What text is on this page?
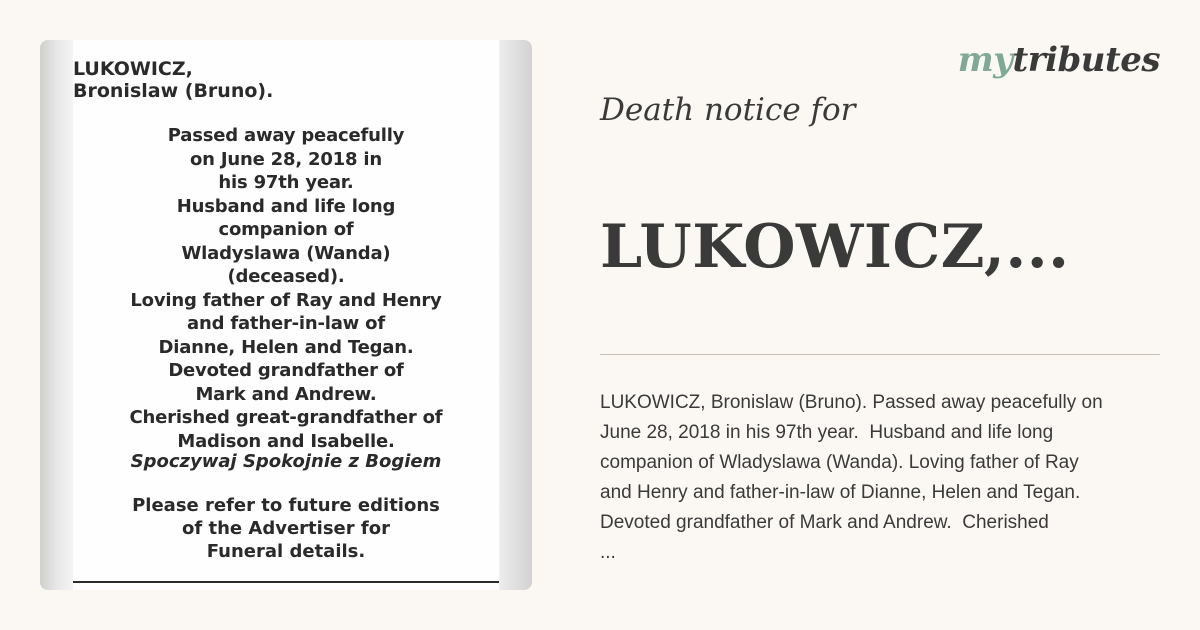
LUKOWICZ,
Bronislaw (Bruno).
Passed away peacefully
on June 28, 2018 in
his 97th year.
Husband and life long
companion of
Wladyslawa (Wanda)
(deceased).
Loving father of Ray and Henry
and father-in-law of
Dianne, Helen and Tegan.
Devoted grandfather of
Mark and Andrew.
Cherished great-grandfather of
Madison and Isabelle.
Spoczywaj Spokojnie z Bogiem
Please refer to future editions
of the Advertiser for
Funeral details.
mytributes
Death notice for
LUKOWICZ,...
LUKOWICZ, Bronislaw (Bruno). Passed away peacefully on
June 28, 2018 in his 97th year.  Husband and life long
companion of Wladyslawa (Wanda). Loving father of Ray
and Henry and father-in-law of Dianne, Helen and Tegan.
Devoted grandfather of Mark and Andrew.  Cherished
...
